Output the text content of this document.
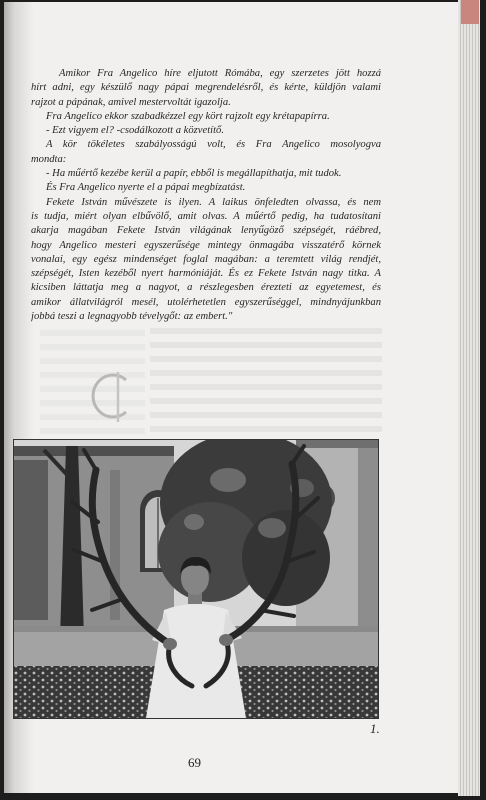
Amikor Fra Angelico híre eljutott Rómába, egy szerzetes jött hozzá
hírt adni, egy készülő nagy pápai megrendelésről, és kérte, küldjön valami
rajzot a pápának, amivel mestervoltát igazolja.
Fra Angelico ekkor szabadkézzel egy kört rajzolt egy krétapapírra.
- Ezt vigyem el? -csodálkozott a közvetítő.
A kör tökéletes szabályosságú volt, és Fra Angelico mosolyogva
mondta:
- Ha műértő kezébe kerül a papír, ebből is megállapíthatja, mit tudok.
És Fra Angelico nyerte el a pápai megbízatást.
Fekete István művészete is ilyen. A laikus önfeledten olvassa, és nem
is tudja, miért olyan elbűvölő, amit olvas. A műértő pedig, ha tudatosítani
akarja magában Fekete István világának lenyűgöző szépségét, ráébred,
hogy Angelico mesteri egyszerűsége mintegy önmagába visszatérő körnek
vonalai, egy egész mindenséget foglal magában: a teremtett világ rendjét,
szépségét, Isten kezéből nyert harmóniáját. És ez Fekete István nagy titka. A
kicsiben láttatja meg a nagyot, a részlegesben érezteti az egyetemest, és
amikor állatvilágról mesél, utolérhetetlen egyszerűséggel, mindnyájunkban
jobbá teszi a legnagyobb tévelygőt: az embert."
1.
69
